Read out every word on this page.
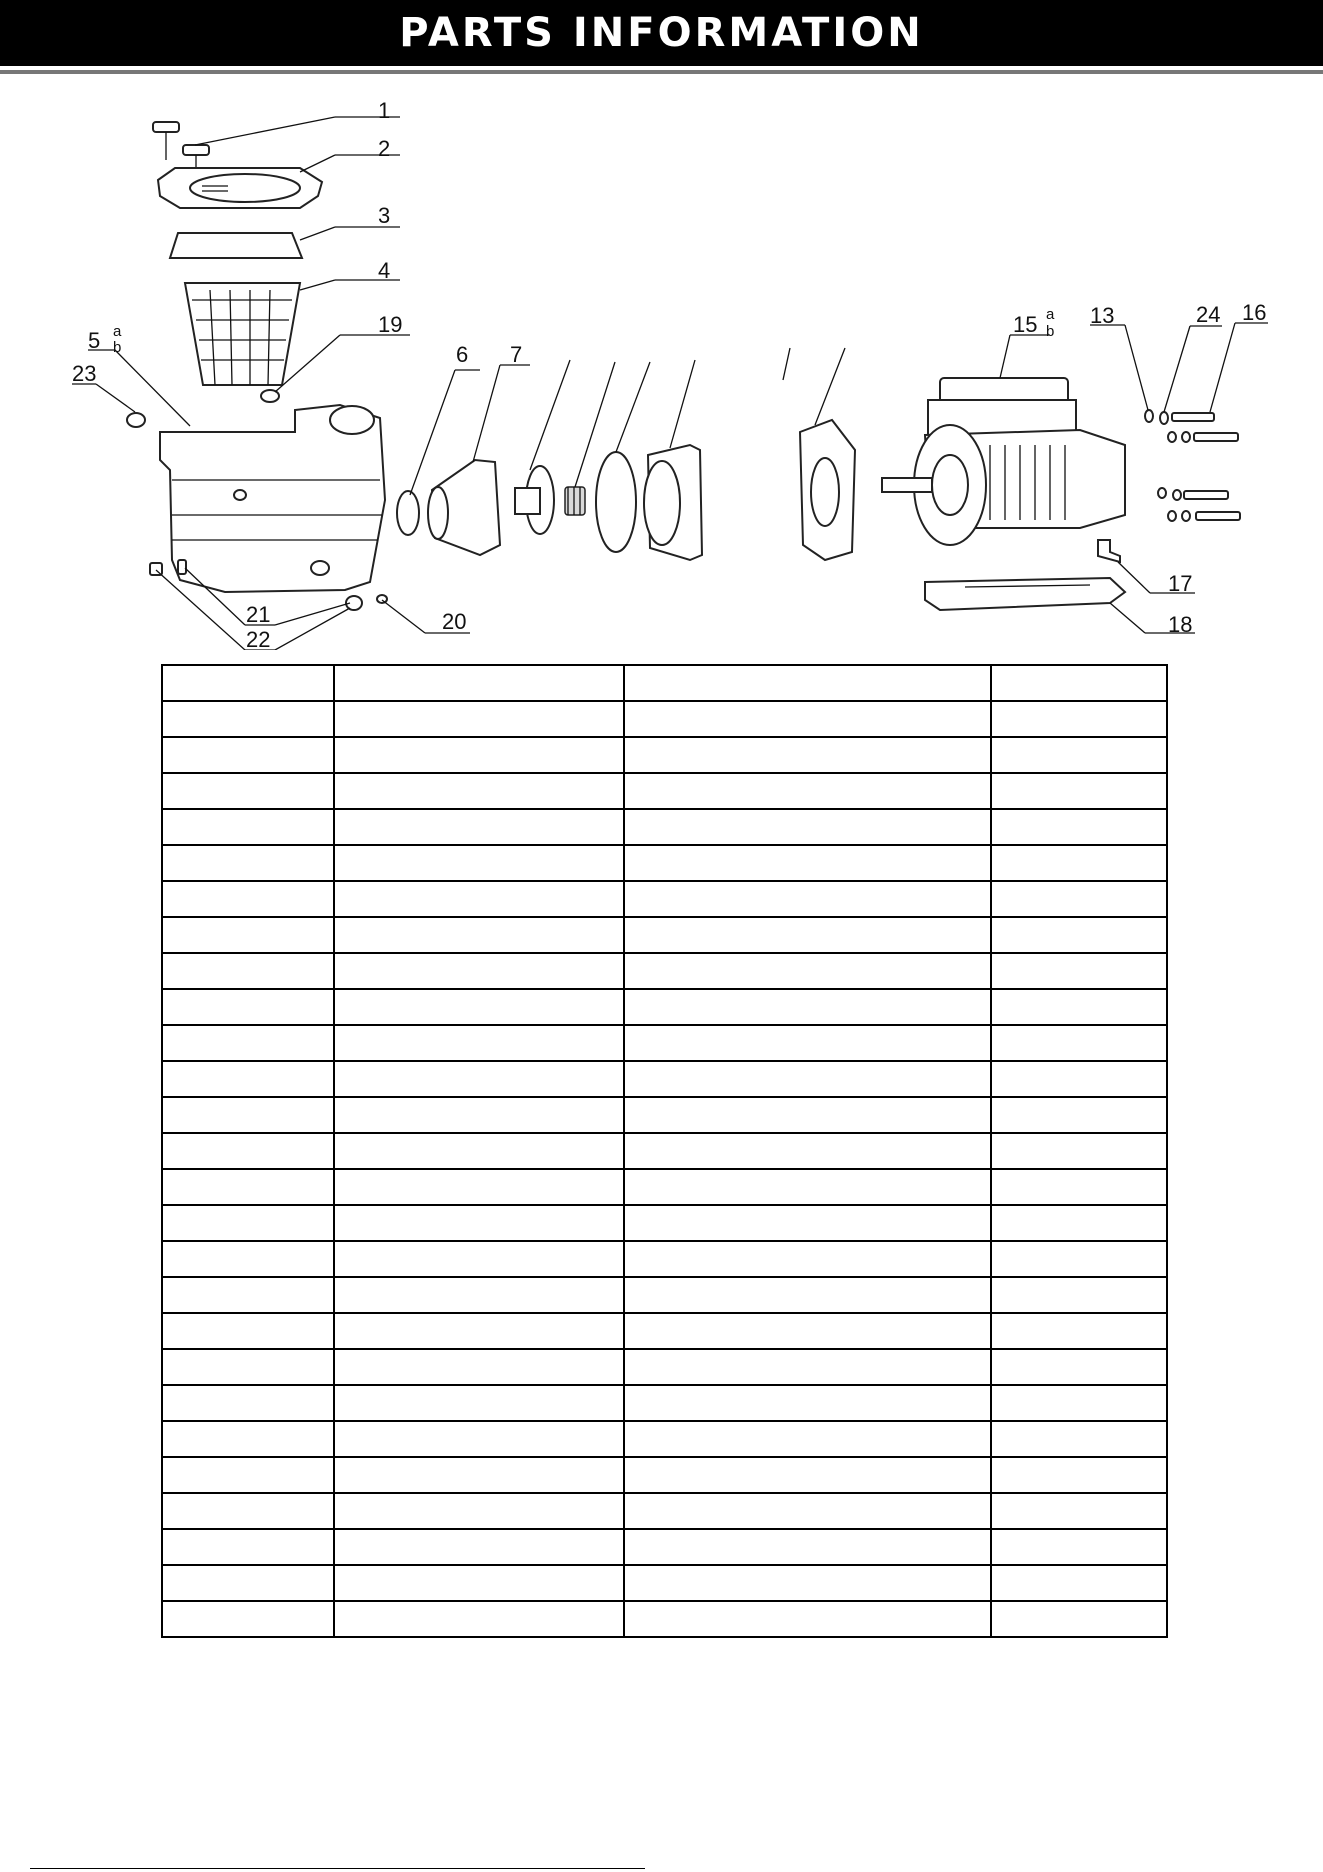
PARTS INFORMATION
1
2
3
4
5 a
b	6 7
13
15 a
b
16
17
18
19
20
21
22
23
24
